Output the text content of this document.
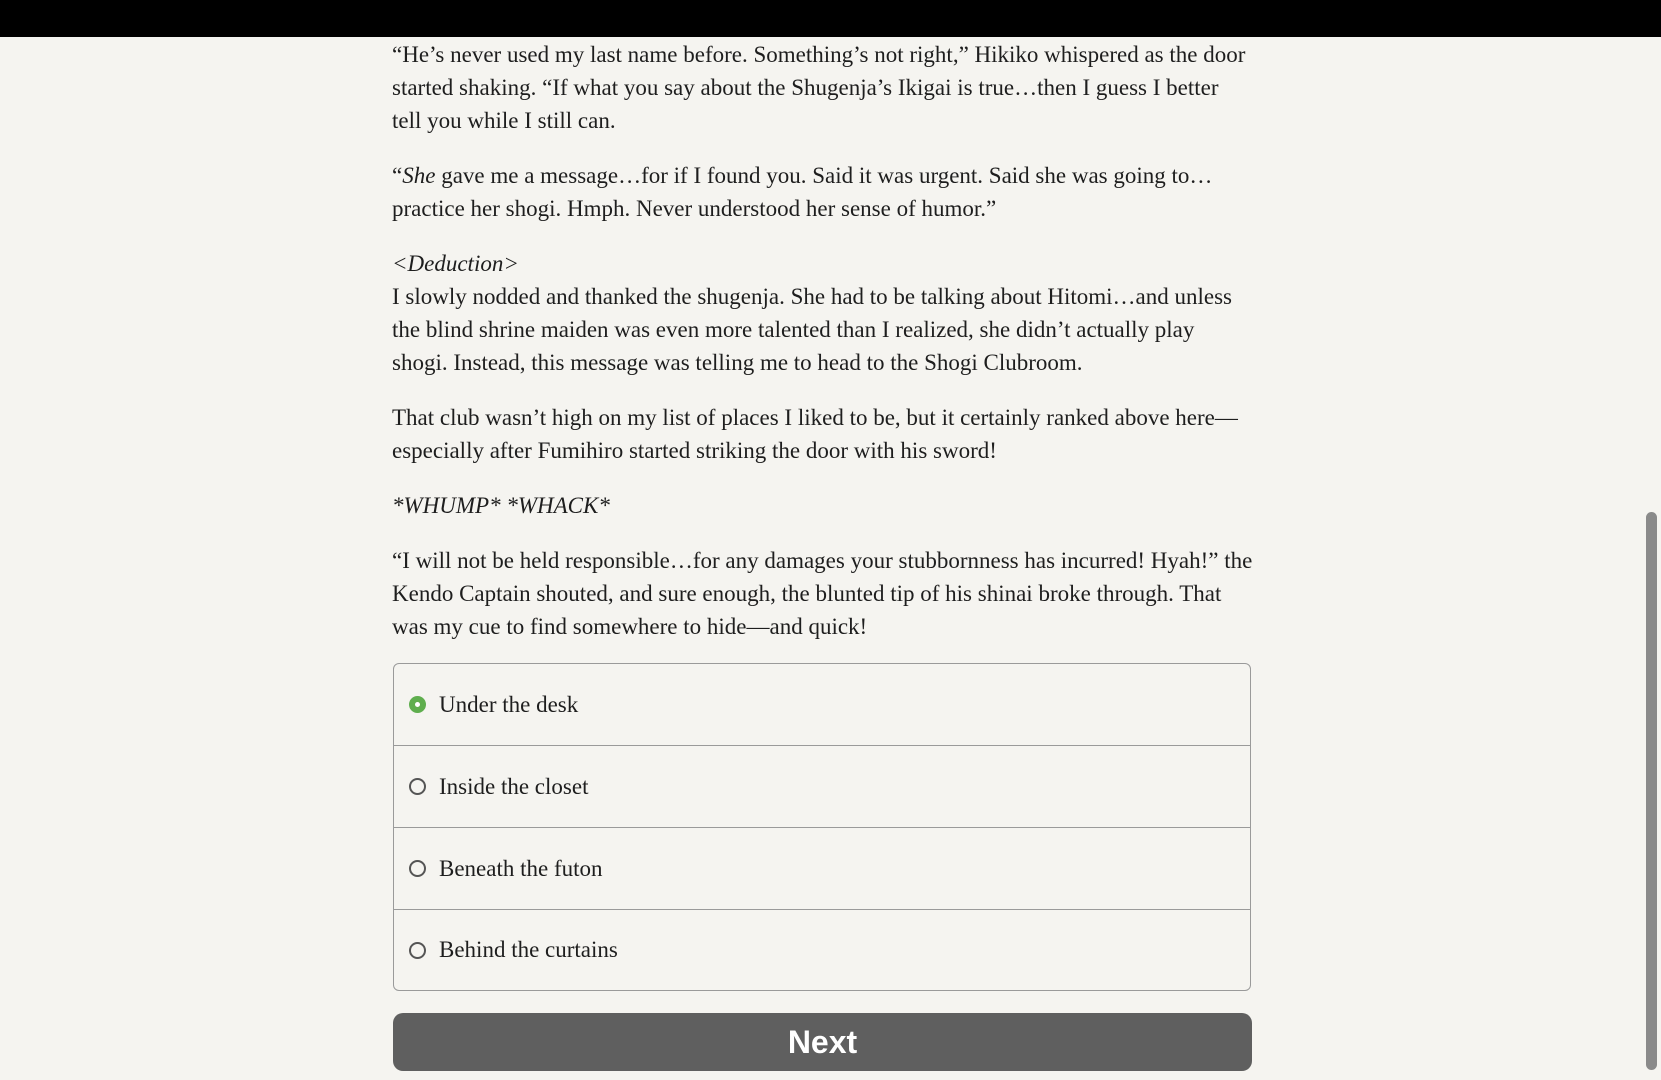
“He’s never used my last name before. Something’s not right,” Hikiko whispered as the door started shaking. “If what you say about the Shugenja’s Ikigai is true…then I guess I better tell you while I still can.

“She gave me a message…for if I found you. Said it was urgent. Said she was going to…practice her shogi. Hmph. Never understood her sense of humor.”

<Deduction>
I slowly nodded and thanked the shugenja. She had to be talking about Hitomi…and unless the blind shrine maiden was even more talented than I realized, she didn’t actually play shogi. Instead, this message was telling me to head to the Shogi Clubroom.

That club wasn’t high on my list of places I liked to be, but it certainly ranked above here—especially after Fumihiro started striking the door with his sword!

*WHUMP* *WHACK*

“I will not be held responsible…for any damages your stubbornness has incurred! Hyah!” the Kendo Captain shouted, and sure enough, the blunted tip of his shinai broke through. That was my cue to find somewhere to hide—and quick!

Under the desk
Inside the closet
Beneath the futon
Behind the curtains
Next
